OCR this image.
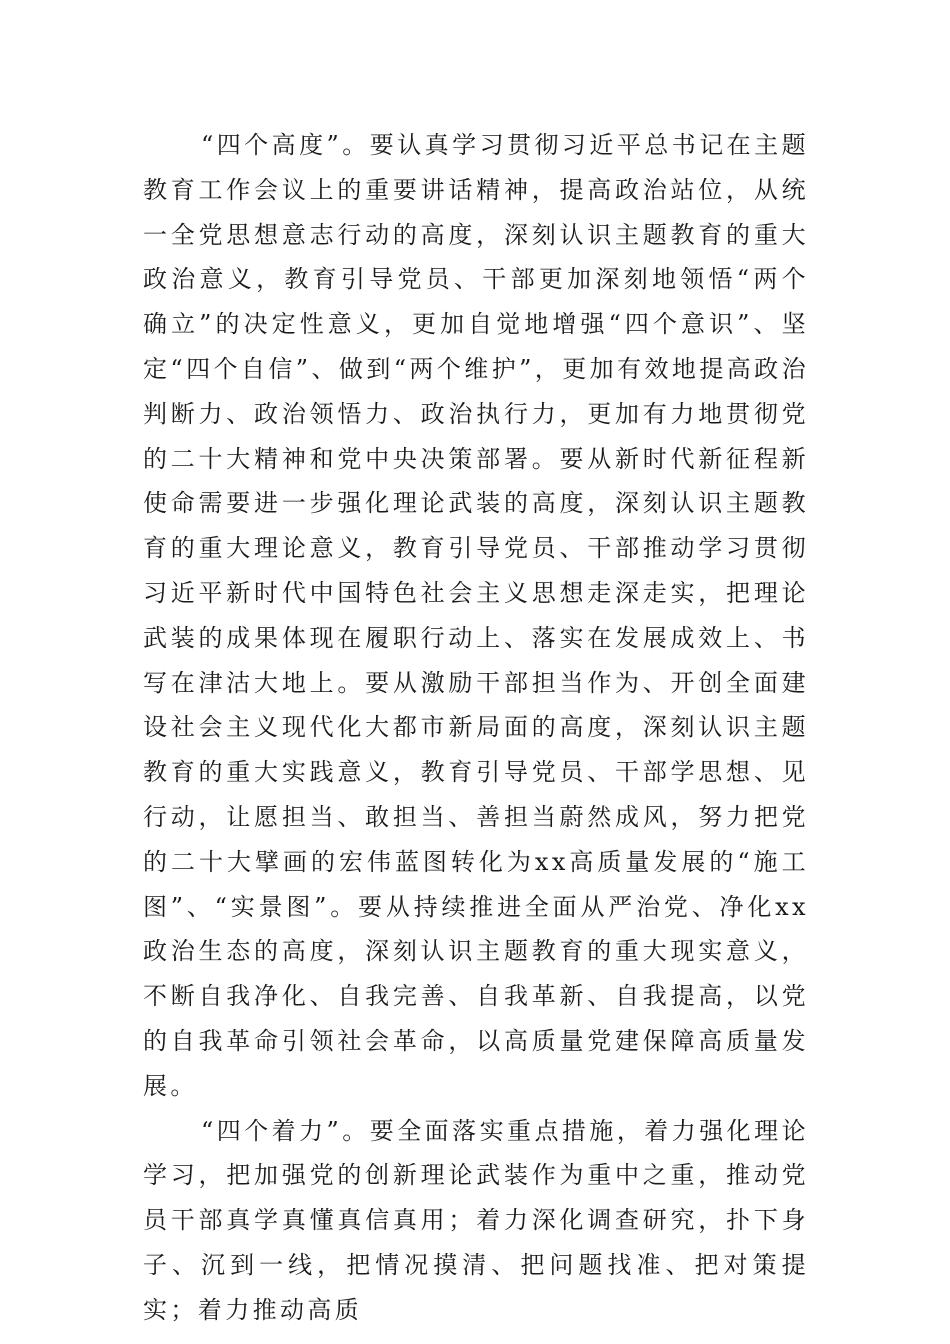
“四个高度”。要认真学习贯彻习近平总书记在主题教育工作会议上的重要讲话精神，提高政治站位，从统一全党思想意志行动的高度，深刻认识主题教育的重大政治意义，教育引导党员、干部更加深刻地领悟“两个确立”的决定性意义，更加自觉地增强“四个意识”、坚定“四个自信”、做到“两个维护”，更加有效地提高政治判断力、政治领悟力、政治执行力，更加有力地贯彻党的二十大精神和党中央决策部署。要从新时代新征程新使命需要进一步强化理论武装的高度，深刻认识主题教育的重大理论意义，教育引导党员、干部推动学习贯彻习近平新时代中国特色社会主义思想走深走实，把理论武装的成果体现在履职行动上、落实在发展成效上、书写在津沽大地上。要从激励干部担当作为、开创全面建设社会主义现代化大都市新局面的高度，深刻认识主题教育的重大实践意义，教育引导党员、干部学思想、见行动，让愿担当、敢担当、善担当蔚然成风，努力把党的二十大擘画的宏伟蓝图转化为xx高质量发展的“施工图”、“实景图”。要从持续推进全面从严治党、净化xx政治生态的高度，深刻认识主题教育的重大现实意义，不断自我净化、自我完善、自我革新、自我提高，以党的自我革命引领社会革命，以高质量党建保障高质量发展。

“四个着力”。要全面落实重点措施，着力强化理论学习，把加强党的创新理论武装作为重中之重，推动党员干部真学真懂真信真用；着力深化调查研究，扑下身子、沉到一线，把情况摸清、把问题找准、把对策提实；着力推动高质
